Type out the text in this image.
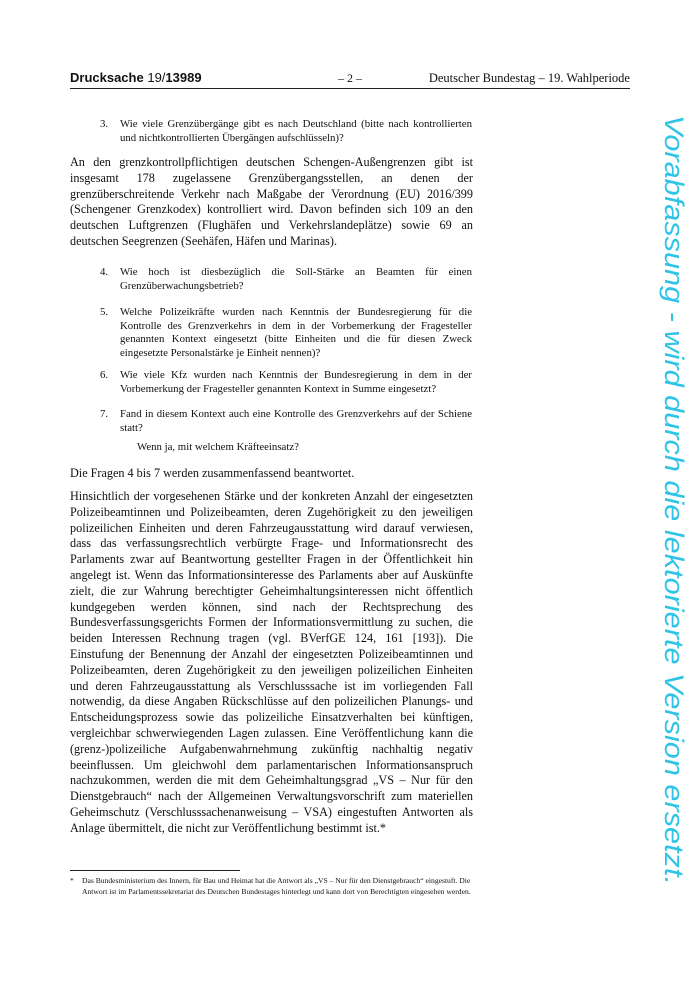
Drucksache 19/13989	– 2 –	Deutscher Bundestag – 19. Wahlperiode
3. Wie viele Grenzübergänge gibt es nach Deutschland (bitte nach kontrollierten und nichtkontrollierten Übergängen aufschlüsseln)?

An den grenzkontrollpflichtigen deutschen Schengen-Außengrenzen gibt ist insgesamt 178 zugelassene Grenzübergangsstellen, an denen der grenzüberschreitende Verkehr nach Maßgabe der Verordnung (EU) 2016/399 (Schengener Grenzkodex) kontrolliert wird. Davon befinden sich 109 an den deutschen Luftgrenzen (Flughäfen und Verkehrslandeplätze) sowie 69 an deutschen Seegrenzen (Seehäfen, Häfen und Marinas).

4. Wie hoch ist diesbezüglich die Soll-Stärke an Beamten für einen Grenzüberwachungsbetrieb?

5. Welche Polizeikräfte wurden nach Kenntnis der Bundesregierung für die Kontrolle des Grenzverkehrs in dem in der Vorbemerkung der Fragesteller genannten Kontext eingesetzt (bitte Einheiten und die für diesen Zweck eingesetzte Personalstärke je Einheit nennen)?

6. Wie viele Kfz wurden nach Kenntnis der Bundesregierung in dem in der Vorbemerkung der Fragesteller genannten Kontext in Summe eingesetzt?

7. Fand in diesem Kontext auch eine Kontrolle des Grenzverkehrs auf der Schiene statt?

Wenn ja, mit welchem Kräfteeinsatz?

Die Fragen 4 bis 7 werden zusammenfassend beantwortet.

Hinsichtlich der vorgesehenen Stärke und der konkreten Anzahl der eingesetzten Polizeibeamtinnen und Polizeibeamten, deren Zugehörigkeit zu den jeweiligen polizeilichen Einheiten und deren Fahrzeugausstattung wird darauf verwiesen, dass das verfassungsrechtlich verbürgte Frage- und Informationsrecht des Parlaments zwar auf Beantwortung gestellter Fragen in der Öffentlichkeit hin angelegt ist. Wenn das Informationsinteresse des Parlaments aber auf Auskünfte zielt, die zur Wahrung berechtigter Geheimhaltungsinteressen nicht öffentlich kundgegeben werden können, sind nach der Rechtsprechung des Bundesverfassungsgerichts Formen der Informationsvermittlung zu suchen, die beiden Interessen Rechnung tragen (vgl. BVerfGE 124, 161 [193]). Die Einstufung der Benennung der Anzahl der eingesetzten Polizeibeamtinnen und Polizeibeamten, deren Zugehörigkeit zu den jeweiligen polizeilichen Einheiten und deren Fahrzeugausstattung als Verschlusssache ist im vorliegenden Fall notwendig, da diese Angaben Rückschlüsse auf den polizeilichen Planungs- und Entscheidungsprozess sowie das polizeiliche Einsatzverhalten bei künftigen, vergleichbar schwerwiegenden Lagen zulassen. Eine Veröffentlichung kann die (grenz-)polizeiliche Aufgabenwahrnehmung zukünftig nachhaltig negativ beeinflussen. Um gleichwohl dem parlamentarischen Informationsanspruch nachzukommen, werden die mit dem Geheimhaltungsgrad „VS – Nur für den Dienstgebrauch“ nach der Allgemeinen Verwaltungsvorschrift zum materiellen Geheimschutz (Verschlusssachenanweisung – VSA) eingestuften Antworten als Anlage übermittelt, die nicht zur Veröffentlichung bestimmt ist.*

* Das Bundesministerium des Innern, für Bau und Heimat hat die Antwort als „VS – Nur für den Dienstgebrauch“ eingestuft. Die Antwort ist im Parlamentssekretariat des Deutschen Bundestages hinterlegt und kann dort von Berechtigten eingesehen werden.
Vorabfassung - wird durch die lektorierte Version ersetzt.
